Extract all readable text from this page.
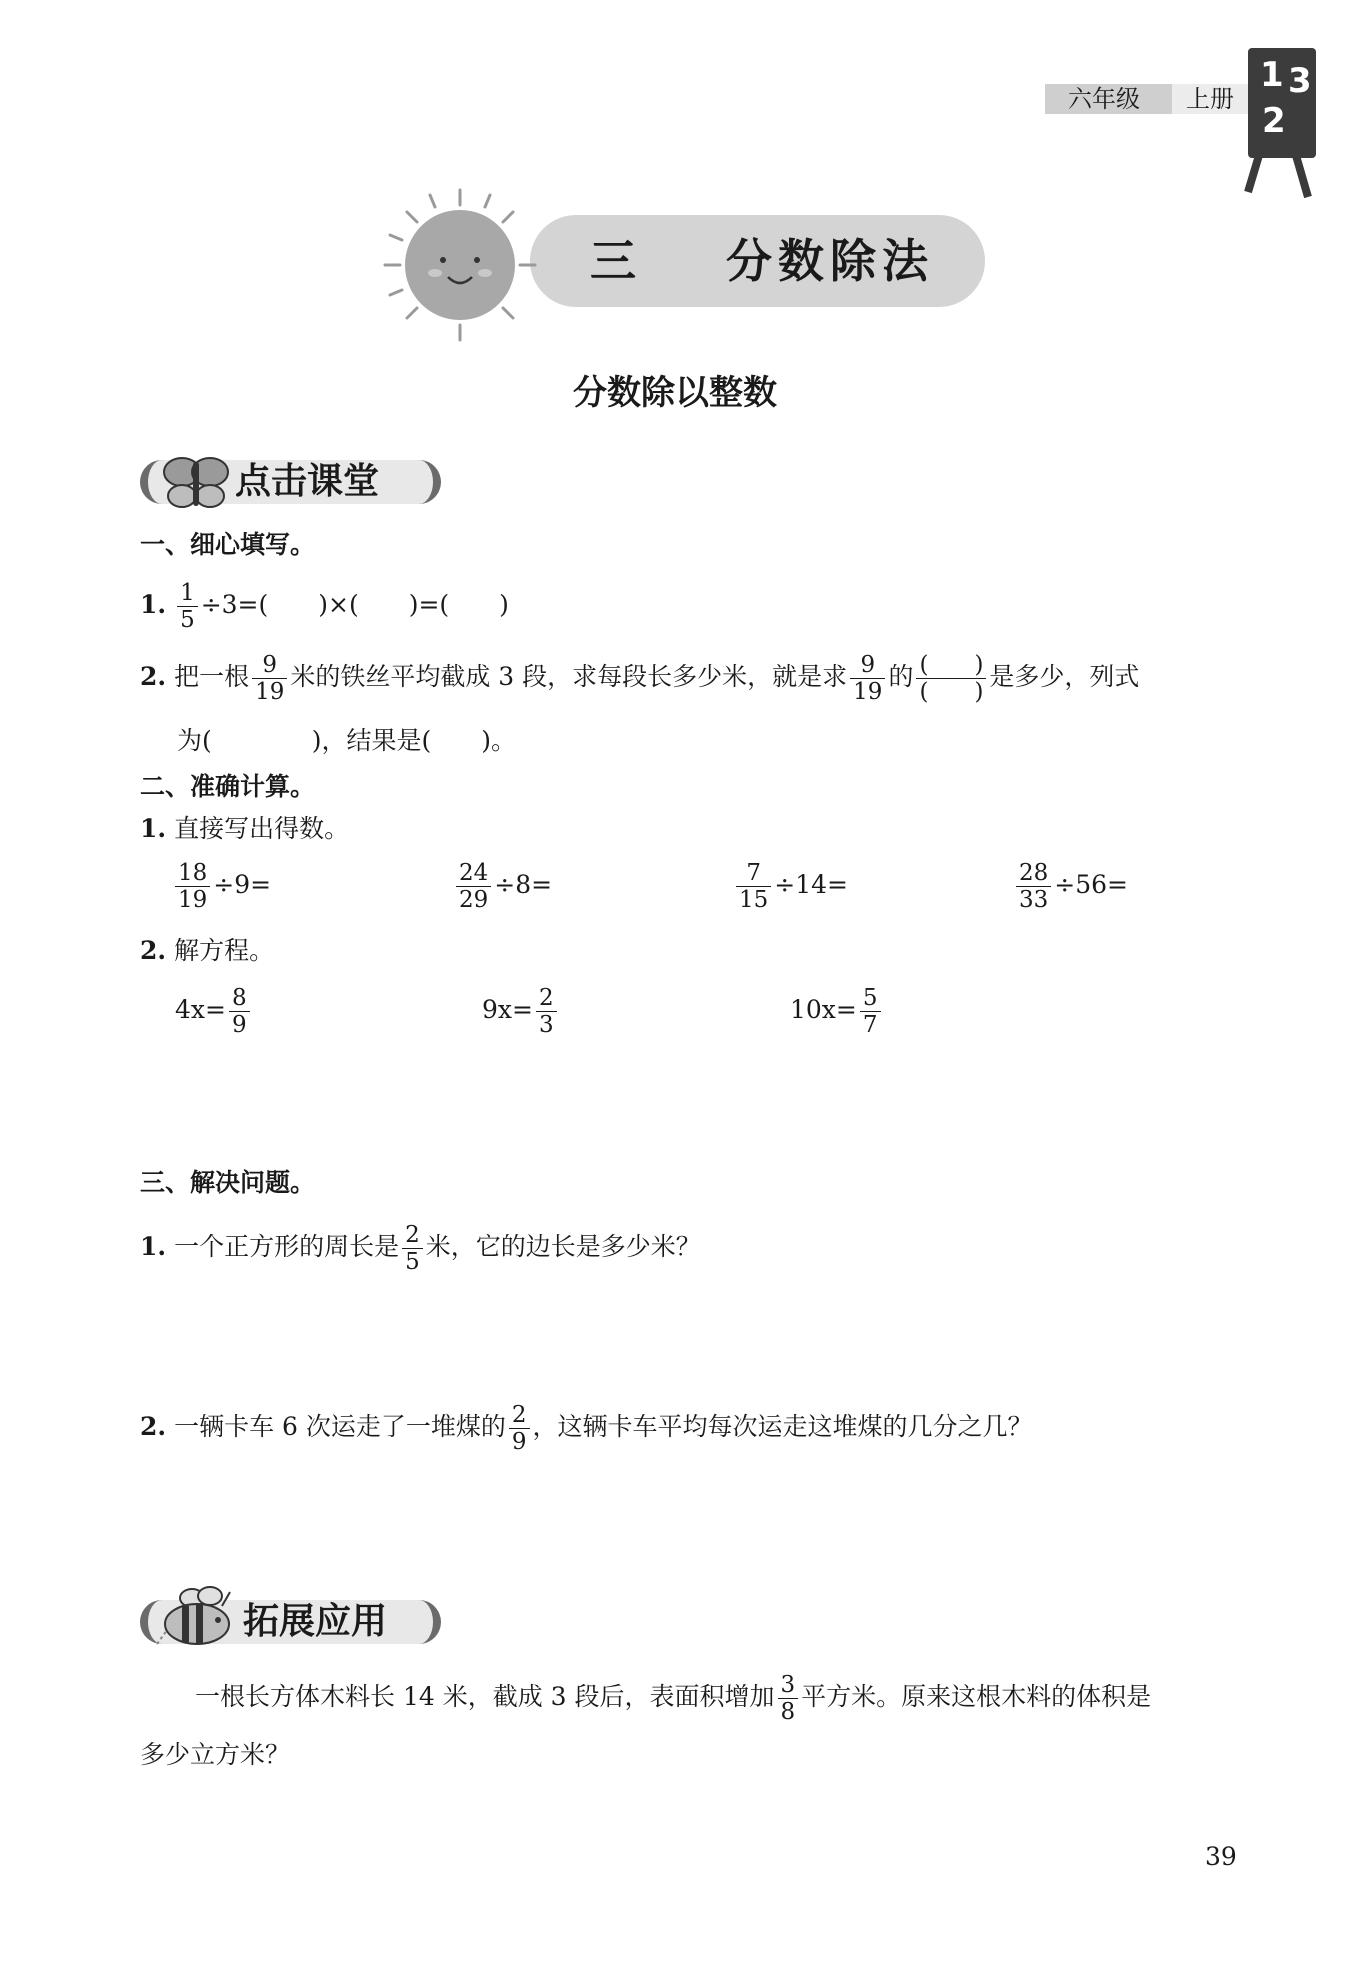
六年级 上册
1 3
2
三 分数除法
分数除以整数
点击课堂
一、细心填写。
1. $\frac{1}{5} \div 3=$(　　)×(　　)=(　　)
2. 把一根 $\frac{9}{19}$ 米的铁丝平均截成 3 段，求每段长多少米，就是求 $\frac{9}{19}$ 的 $\frac{( )}{( )}$ 是多少，列式
为(　　　　)，结果是(　　)。
二、准确计算。
1. 直接写出得数。
$\frac{18}{19} \div 9=$	$\frac{24}{29} \div 8=$	$\frac{7}{15} \div 14=$	$\frac{28}{33} \div 56=$
2. 解方程。
$4x= \frac{8}{9}$	$9x= \frac{2}{3}$	$10x= \frac{5}{7}$
三、解决问题。
1. 一个正方形的周长是 $\frac{2}{5}$ 米，它的边长是多少米？
2. 一辆卡车 6 次运走了一堆煤的 $\frac{2}{9}$ ，这辆卡车平均每次运走这堆煤的几分之几？
拓展应用
一根长方体木料长 14 米，截成 3 段后，表面积增加 $\frac{3}{8}$ 平方米。原来这根木料的体积是
多少立方米？
39
